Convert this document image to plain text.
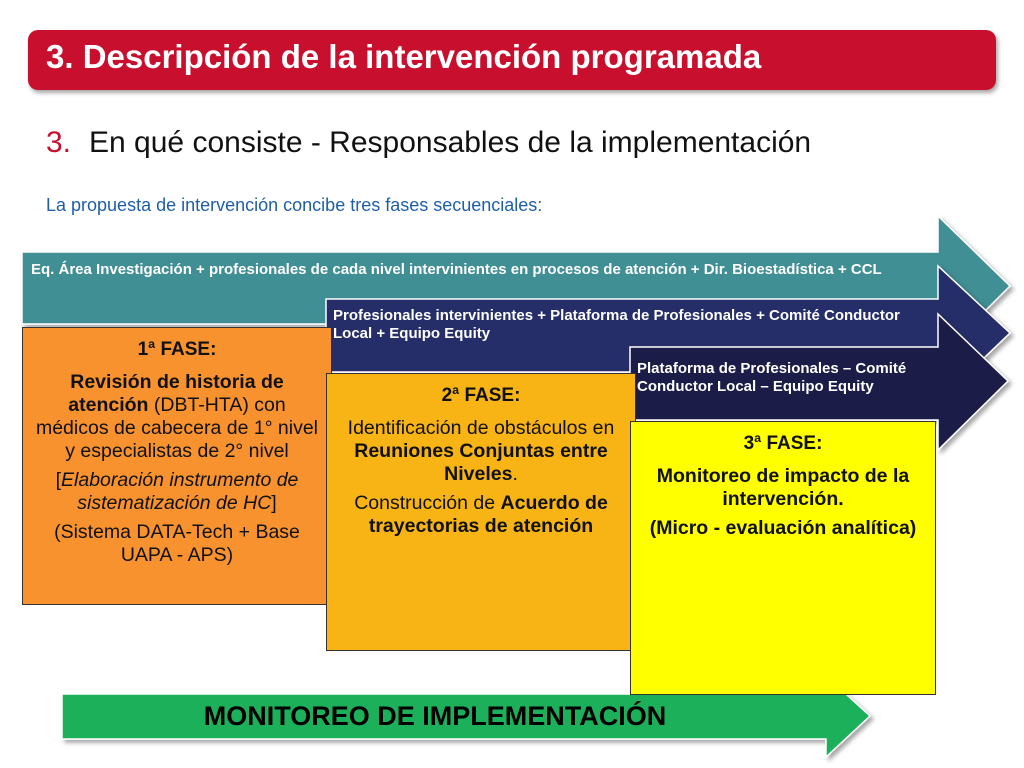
3. Descripción de la intervención programada
3. En qué consiste - Responsables de la implementación
La propuesta de intervención concibe tres fases secuenciales:
Eq. Área Investigación + profesionales de cada nivel intervinientes en procesos de atención + Dir. Bioestadística + CCL
Profesionales intervinientes + Plataforma de Profesionales + Comité Conductor Local + Equipo Equity
Plataforma de Profesionales – Comité Conductor Local – Equipo Equity

1ª FASE:

Revisión de historia de atención (DBT-HTA) con médicos de cabecera de 1° nivel y especialistas de 2° nivel

[Elaboración instrumento de sistematización de HC]

(Sistema DATA-Tech + Base UAPA - APS)

2ª FASE:

Identificación de obstáculos en Reuniones Conjuntas entre Niveles.

Construcción de Acuerdo de trayectorias de atención

3ª FASE:

Monitoreo de impacto de la intervención.

(Micro - evaluación analítica)

MONITOREO DE IMPLEMENTACIÓN
